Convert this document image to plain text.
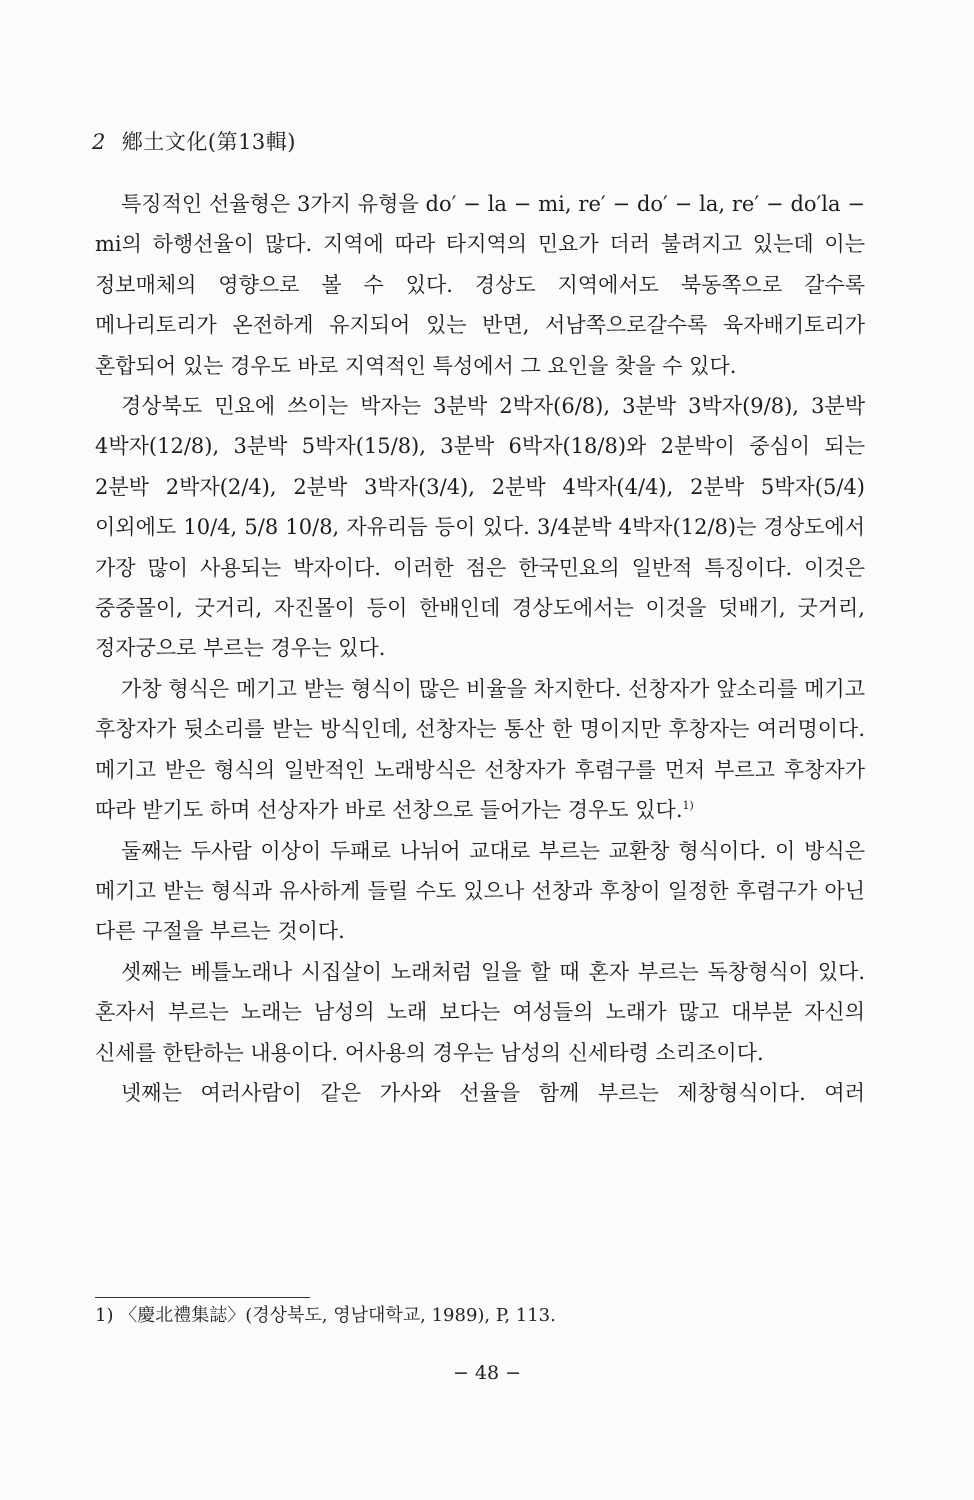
2 鄕土文化(第13輯)

특징적인 선율형은 3가지 유형을 do′ − la − mi, re′ − do′ − la, re′ − do′la − mi의 하행선율이 많다. 지역에 따라 타지역의 민요가 더러 불려지고 있는데 이는 정보매체의 영향으로 볼 수 있다. 경상도 지역에서도 북동쪽으로 갈수록 메나리토리가 온전하게 유지되어 있는 반면, 서남쪽으로갈수록 육자배기토리가 혼합되어 있는 경우도 바로 지역적인 특성에서 그 요인을 찾을 수 있다.

경상북도 민요에 쓰이는 박자는 3분박 2박자(6/8), 3분박 3박자(9/8), 3분박 4박자(12/8), 3분박 5박자(15/8), 3분박 6박자(18/8)와 2분박이 중심이 되는 2분박 2박자(2/4), 2분박 3박자(3/4), 2분박 4박자(4/4), 2분박 5박자(5/4) 이외에도 10/4, 5/8 10/8, 자유리듬 등이 있다. 3/4분박 4박자(12/8)는 경상도에서 가장 많이 사용되는 박자이다. 이러한 점은 한국민요의 일반적 특징이다. 이것은 중중몰이, 굿거리, 자진몰이 등이 한배인데 경상도에서는 이것을 덧배기, 굿거리, 정자궁으로 부르는 경우는 있다.

가창 형식은 메기고 받는 형식이 많은 비율을 차지한다. 선창자가 앞소리를 메기고 후창자가 뒷소리를 받는 방식인데, 선창자는 통산 한 명이지만 후창자는 여러명이다. 메기고 받은 형식의 일반적인 노래방식은 선창자가 후렴구를 먼저 부르고 후창자가 따라 받기도 하며 선상자가 바로 선창으로 들어가는 경우도 있다.$^{1)}$

둘째는 두사람 이상이 두패로 나뉘어 교대로 부르는 교환창 형식이다. 이 방식은 메기고 받는 형식과 유사하게 들릴 수도 있으나 선창과 후창이 일정한 후렴구가 아닌 다른 구절을 부르는 것이다.

셋째는 베틀노래나 시집살이 노래처럼 일을 할 때 혼자 부르는 독창형식이 있다. 혼자서 부르는 노래는 남성의 노래 보다는 여성들의 노래가 많고 대부분 자신의 신세를 한탄하는 내용이다. 어사용의 경우는 남성의 신세타령 소리조이다.

넷째는 여러사람이 같은 가사와 선율을 함께 부르는 제창형식이다. 여러

1) 〈慶北禮集誌〉(경상북도, 영남대학교, 1989), P, 113.
− 48 −
